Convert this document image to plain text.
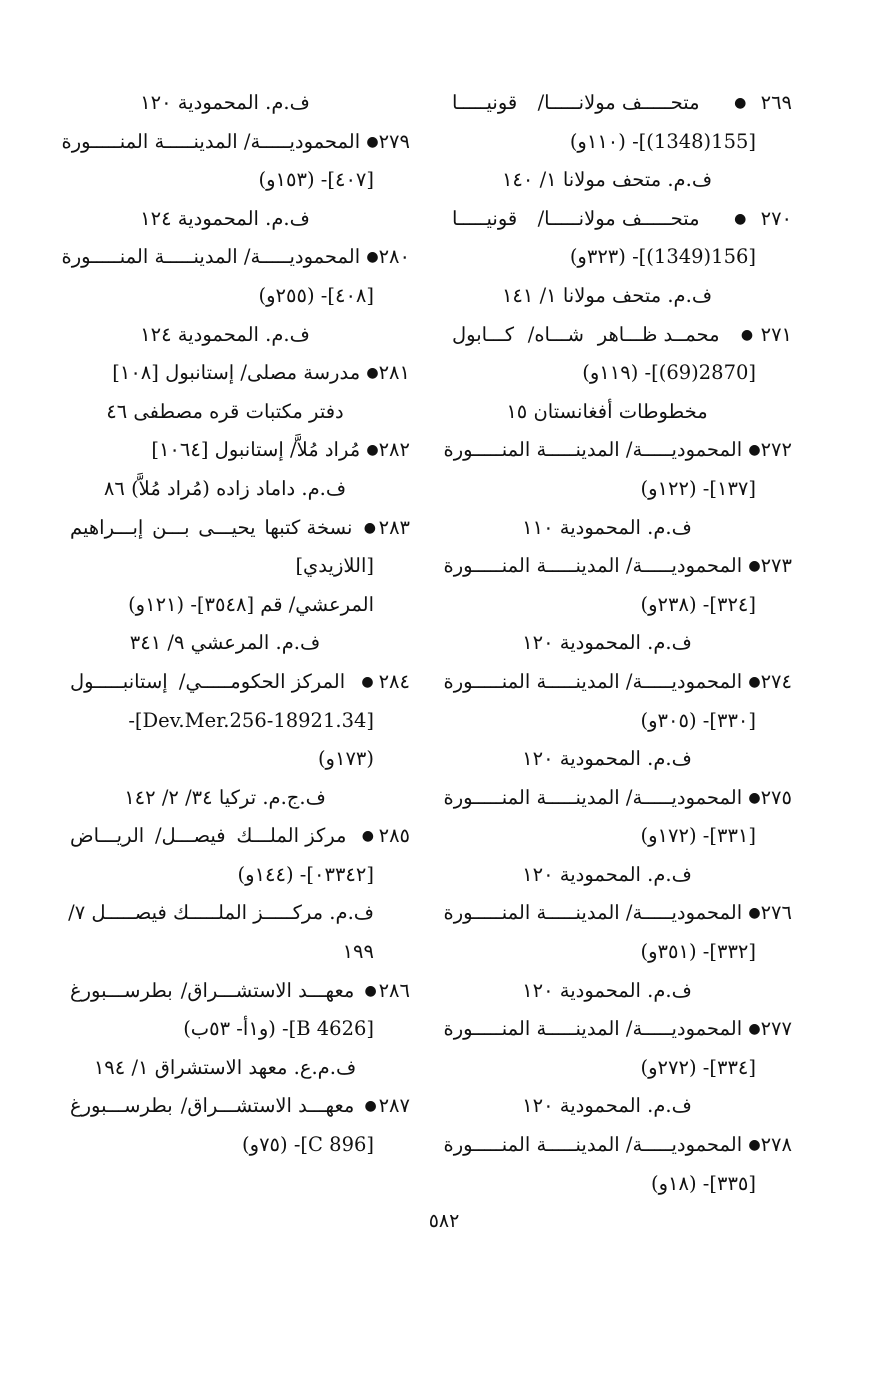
٢٦٩● متحـــــف مولانـــــا/ قونيـــــا
[155(1348)]- (١١٠و)
ف.م. متحف مولانا ١/ ١٤٠
٢٧٠● متحـــــف مولانـــــا/ قونيـــــا
[156(1349)]- (٣٢٣و)
ف.م. متحف مولانا ١/ ١٤١
٢٧١● محمــد ظـــاهر شـــاه/ كـــابول
[2870(69)]- (١١٩و)
مخطوطات أفغانستان ١٥
٢٧٢● المحموديـــــة/ المدينـــــة المنـــــورة
[١٣٧]- (١٢٢و)
ف.م. المحمودية ١١٠
٢٧٣● المحموديـــــة/ المدينـــــة المنـــــورة
[٣٢٤]- (٢٣٨و)
ف.م. المحمودية ١٢٠
٢٧٤● المحموديـــــة/ المدينـــــة المنـــــورة
[٣٣٠]- (٣٠٥و)
ف.م. المحمودية ١٢٠
٢٧٥● المحموديـــــة/ المدينـــــة المنـــــورة
[٣٣١]- (١٧٢و)
ف.م. المحمودية ١٢٠
٢٧٦● المحموديـــــة/ المدينـــــة المنـــــورة
[٣٣٢]- (٣٥١و)
ف.م. المحمودية ١٢٠
٢٧٧● المحموديـــــة/ المدينـــــة المنـــــورة
[٣٣٤]- (٢٧٢و)
ف.م. المحمودية ١٢٠
٢٧٨● المحموديـــــة/ المدينـــــة المنـــــورة
[٣٣٥]- (١٨و)
ف.م. المحمودية ١٢٠
٢٧٩● المحموديـــــة/ المدينـــــة المنـــــورة
[٤٠٧]- (١٥٣و)
ف.م. المحمودية ١٢٤
٢٨٠● المحموديـــــة/ المدينـــــة المنـــــورة
[٤٠٨]- (٢٥٥و)
ف.م. المحمودية ١٢٤
٢٨١● مدرسة مصلى/ إستانبول [١٠٨]
دفتر مكتبات قره مصطفى ٤٦
٢٨٢● مُراد مُلاَّ/ إستانبول [١٠٦٤]
ف.م. داماد زاده (مُراد مُلاَّ) ٨٦
٢٨٣● نسخة كتبها يحيـــى بـــن إبـــراهيم
[اللازيدي]
المرعشي/ قم [٣٥٤٨]- (١٢١و)
ف.م. المرعشي ٩/ ٣٤١
٢٨٤● المركز الحكومـــــي/ إستانبـــــول
[34.Dev.Mer.256-18921]-
(١٧٣و)
ف.ج.م. تركيا ٣٤/ ٢/ ١٤٢
٢٨٥● مركز الملـــك فيصـــل/ الريـــاض
[٠٣٣٤٢]- (١٤٤و)
ف.م. مركـــــز الملـــــك فيصـــــل ٧/
١٩٩
٢٨٦● معهـــد الاستشـــراق/ بطرســـبورغ
[B 4626]- (و١أ- ٥٣ب)
ف.م.ع. معهد الاستشراق ١/ ١٩٤
٢٨٧● معهـــد الاستشـــراق/ بطرســـبورغ
[C 896]- (٧٥و)
٥٨٢
